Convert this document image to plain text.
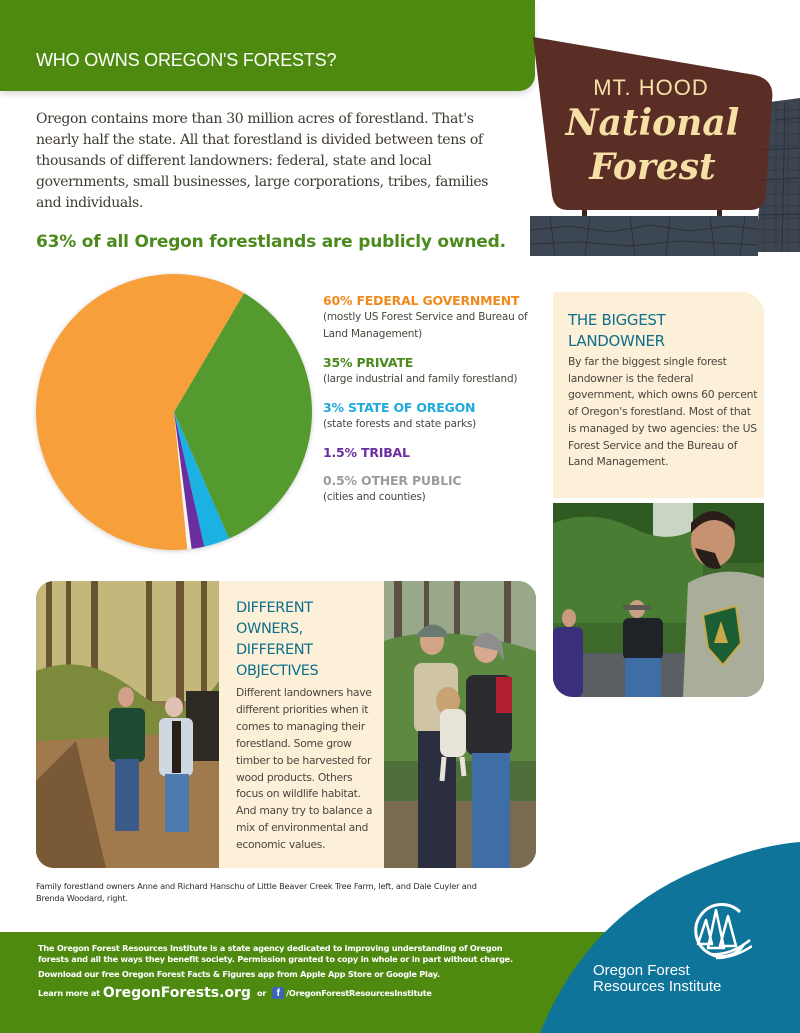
WHO OWNS OREGON'S FORESTS?
MT. HOOD
National
Forest

Oregon contains more than 30 million acres of forestland. That's nearly half the state. All that forestland is divided between tens of thousands of different landowners: federal, state and local governments, small businesses, large corporations, tribes, families and individuals.

63% of all Oregon forestlands are publicly owned.
60% FEDERAL GOVERNMENT
(mostly US Forest Service and Bureau of Land Management)
35% PRIVATE
(large industrial and family forestland)
3% STATE OF OREGON
(state forests and state parks)
1.5% TRIBAL
0.5% OTHER PUBLIC
(cities and counties)
THE BIGGEST LANDOWNER
By far the biggest single forest landowner is the federal government, which owns 60 percent of Oregon's forestland. Most of that is managed by two agencies: the US Forest Service and the Bureau of Land Management.
DIFFERENT OWNERS, DIFFERENT OBJECTIVES
Different landowners have different priorities when it comes to managing their forestland. Some grow timber to be harvested for wood products. Others focus on wildlife habitat. And many try to balance a mix of environmental and economic values.

Family forestland owners Anne and Richard Hanschu of Little Beaver Creek Tree Farm, left, and Dale Cuyler and Brenda Woodard, right.

The Oregon Forest Resources Institute is a state agency dedicated to improving understanding of Oregon forests and all the ways they benefit society. Permission granted to copy in whole or in part without charge.

Download our free Oregon Forest Facts & Figures app from Apple App Store or Google Play.

Learn more at OregonForests.org or	f /OregonForestResourcesInstitute
Oregon Forest
Resources Institute
